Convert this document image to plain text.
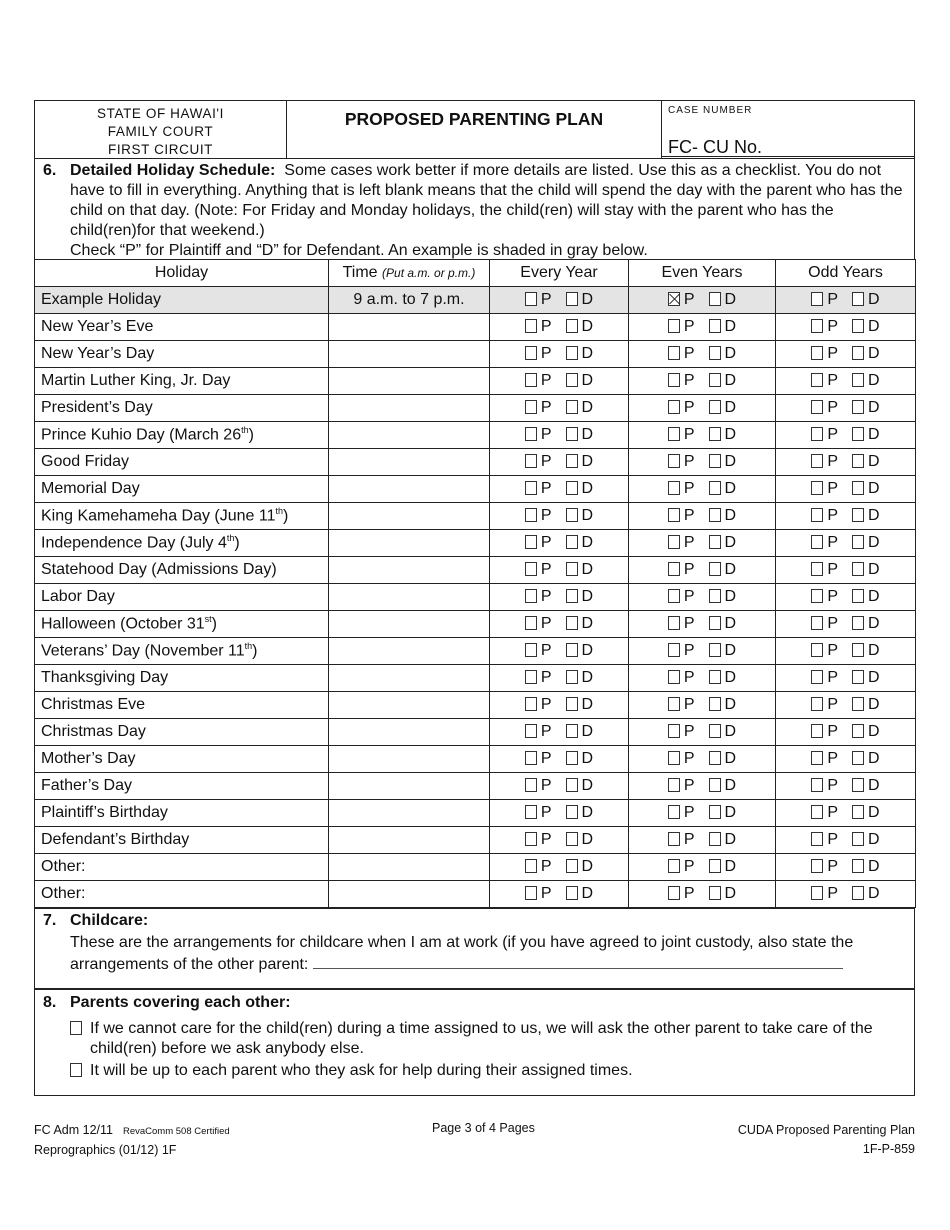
STATE OF HAWAI'I
FAMILY COURT
FIRST CIRCUIT
PROPOSED PARENTING PLAN	CASE NUMBER
FC- CU No.
6. Detailed Holiday Schedule: Some cases work better if more details are listed. Use this as a checklist. You do not have to fill in everything. Anything that is left blank means that the child will spend the day with the parent who has the child on that day. (Note: For Friday and Monday holidays, the child(ren) will stay with the parent who has the child(ren)for that weekend.)
Check “P” for Plaintiff and “D” for Defendant. An example is shaded in gray below.
Holiday	Time (Put a.m. or p.m.)	Every Year	Even Years	Odd Years
Example Holiday	9 a.m. to 7 p.m.	P D	P D	P D
New Year’s Eve		P D	P D	P D
New Year’s Day		P D	P D	P D
Martin Luther King, Jr. Day		P D	P D	P D
President’s Day		P D	P D	P D
Prince Kuhio Day (March 26th)		P D	P D	P D
Good Friday		P D	P D	P D
Memorial Day		P D	P D	P D
King Kamehameha Day (June 11th)		P D	P D	P D
Independence Day (July 4th)		P D	P D	P D
Statehood Day (Admissions Day)		P D	P D	P D
Labor Day		P D	P D	P D
Halloween (October 31st)		P D	P D	P D
Veterans’ Day (November 11th)		P D	P D	P D
Thanksgiving Day		P D	P D	P D
Christmas Eve		P D	P D	P D
Christmas Day		P D	P D	P D
Mother’s Day		P D	P D	P D
Father’s Day		P D	P D	P D
Plaintiff’s Birthday		P D	P D	P D
Defendant’s Birthday		P D	P D	P D
Other:		P D	P D	P D
Other:		P D	P D	P D
7. Childcare:
These are the arrangements for childcare when I am at work (if you have agreed to joint custody, also state the arrangements of the other parent:
8. Parents covering each other:
If we cannot care for the child(ren) during a time assigned to us, we will ask the other parent to take care of the child(ren) before we ask anybody else.
It will be up to each parent who they ask for help during their assigned times.
FC Adm 12/11 RevaComm 508 Certified
Reprographics (01/12) 1F
Page 3 of 4 Pages	CUDA Proposed Parenting Plan
1F-P-859
